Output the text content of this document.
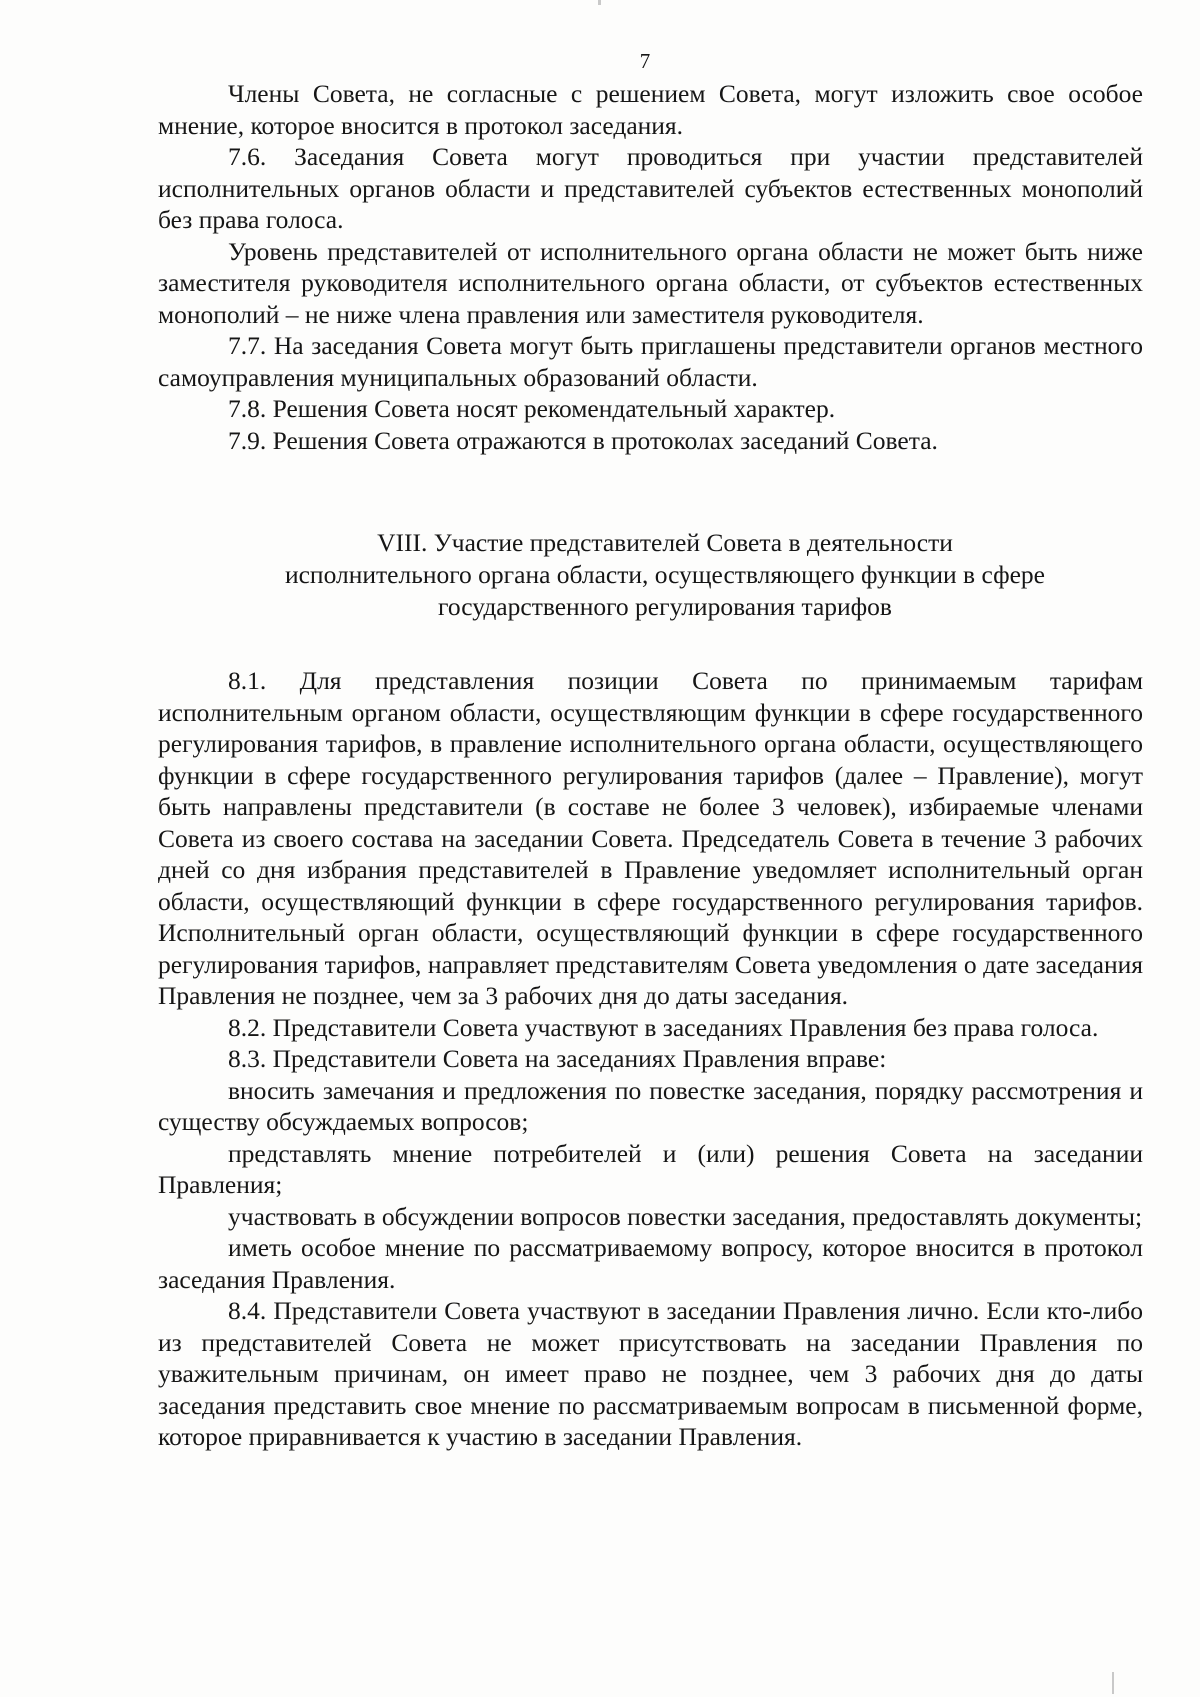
7

Члены Совета, не согласные с решением Совета, могут изложить свое особое мнение, которое вносится в протокол заседания.

7.6. Заседания Совета могут проводиться при участии представителей исполнительных органов области и представителей субъектов естественных монополий без права голоса.

Уровень представителей от исполнительного органа области не может быть ниже заместителя руководителя исполнительного органа области, от субъектов естественных монополий – не ниже члена правления или заместителя руководителя.

7.7. На заседания Совета могут быть приглашены представители органов местного самоуправления муниципальных образований области.

7.8. Решения Совета носят рекомендательный характер.

7.9. Решения Совета отражаются в протоколах заседаний Совета.

VIII. Участие представителей Совета в деятельности

исполнительного органа области, осуществляющего функции в сфере

государственного регулирования тарифов

8.1. Для представления позиции Совета по принимаемым тарифам исполнительным органом области, осуществляющим функции в сфере государственного регулирования тарифов, в правление исполнительного органа области, осуществляющего функции в сфере государственного регулирования тарифов (далее – Правление), могут быть направлены представители (в составе не более 3 человек), избираемые членами Совета из своего состава на заседании Совета. Председатель Совета в течение 3 рабочих дней со дня избрания представителей в Правление уведомляет исполнительный орган области, осуществляющий функции в сфере государственного регулирования тарифов. Исполнительный орган области, осуществляющий функции в сфере государственного регулирования тарифов, направляет представителям Совета уведомления о дате заседания Правления не позднее, чем за 3 рабочих дня до даты заседания.

8.2. Представители Совета участвуют в заседаниях Правления без права голоса.

8.3. Представители Совета на заседаниях Правления вправе:

вносить замечания и предложения по повестке заседания, порядку рассмотрения и существу обсуждаемых вопросов;

представлять мнение потребителей и (или) решения Совета на заседании Правления;

участвовать в обсуждении вопросов повестки заседания, предоставлять документы;

иметь особое мнение по рассматриваемому вопросу, которое вносится в протокол заседания Правления.

8.4. Представители Совета участвуют в заседании Правления лично. Если кто-либо из представителей Совета не может присутствовать на заседании Правления по уважительным причинам, он имеет право не позднее, чем 3 рабочих дня до даты заседания представить свое мнение по рассматриваемым вопросам в письменной форме, которое приравнивается к участию в заседании Правления.
